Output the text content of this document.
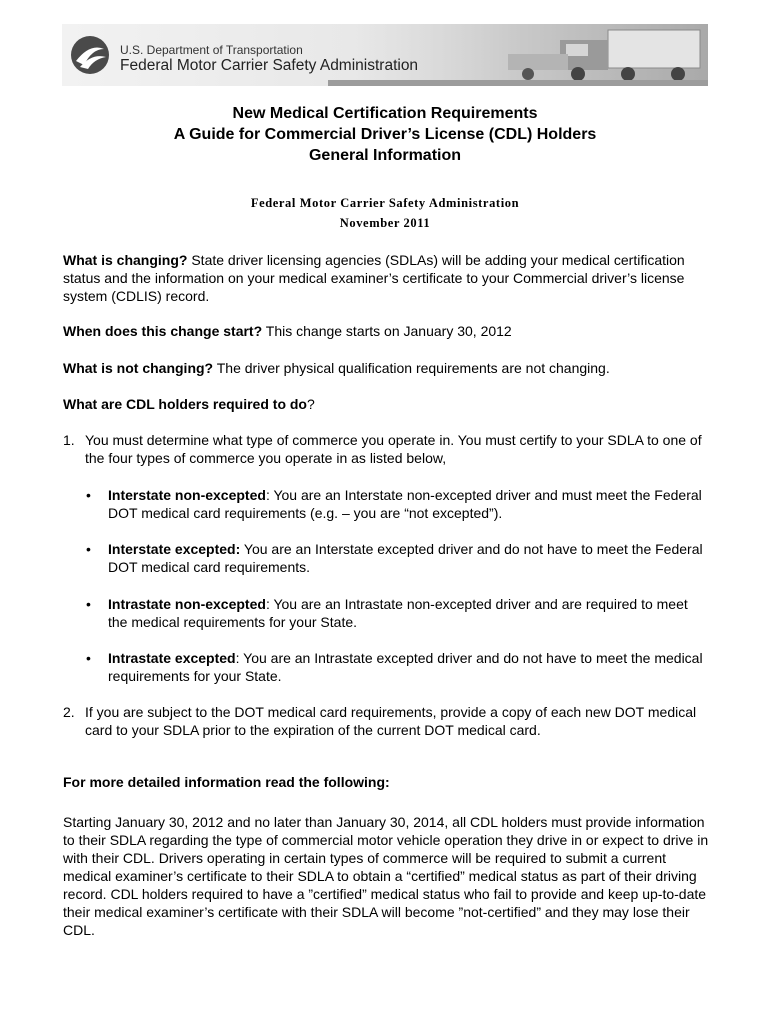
U.S. Department of Transportation
Federal Motor Carrier Safety Administration
New Medical Certification Requirements
A Guide for Commercial Driver’s License (CDL) Holders
General Information
Federal Motor Carrier Safety Administration
November 2011

What is changing? State driver licensing agencies (SDLAs) will be adding your medical certification status and the information on your medical examiner’s certificate to your Commercial driver’s license system (CDLIS) record.

When does this change start? This change starts on January 30, 2012

What is not changing? The driver physical qualification requirements are not changing.

What are CDL holders required to do?

1. You must determine what type of commerce you operate in. You must certify to your SDLA to one of the four types of commerce you operate in as listed below,
• Interstate non-excepted: You are an Interstate non-excepted driver and must meet the Federal DOT medical card requirements (e.g. – you are “not excepted”).
• Interstate excepted: You are an Interstate excepted driver and do not have to meet the Federal DOT medical card requirements.
• Intrastate non-excepted: You are an Intrastate non-excepted driver and are required to meet the medical requirements for your State.
• Intrastate excepted: You are an Intrastate excepted driver and do not have to meet the medical requirements for your State.
2. If you are subject to the DOT medical card requirements, provide a copy of each new DOT medical card to your SDLA prior to the expiration of the current DOT medical card.

For more detailed information read the following:

Starting January 30, 2012 and no later than January 30, 2014, all CDL holders must provide information to their SDLA regarding the type of commercial motor vehicle operation they drive in or expect to drive in with their CDL. Drivers operating in certain types of commerce will be required to submit a current medical examiner’s certificate to their SDLA to obtain a “certified” medical status as part of their driving record. CDL holders required to have a ”certified” medical status who fail to provide and keep up-to-date their medical examiner’s certificate with their SDLA will become ”not-certified” and they may lose their CDL.
